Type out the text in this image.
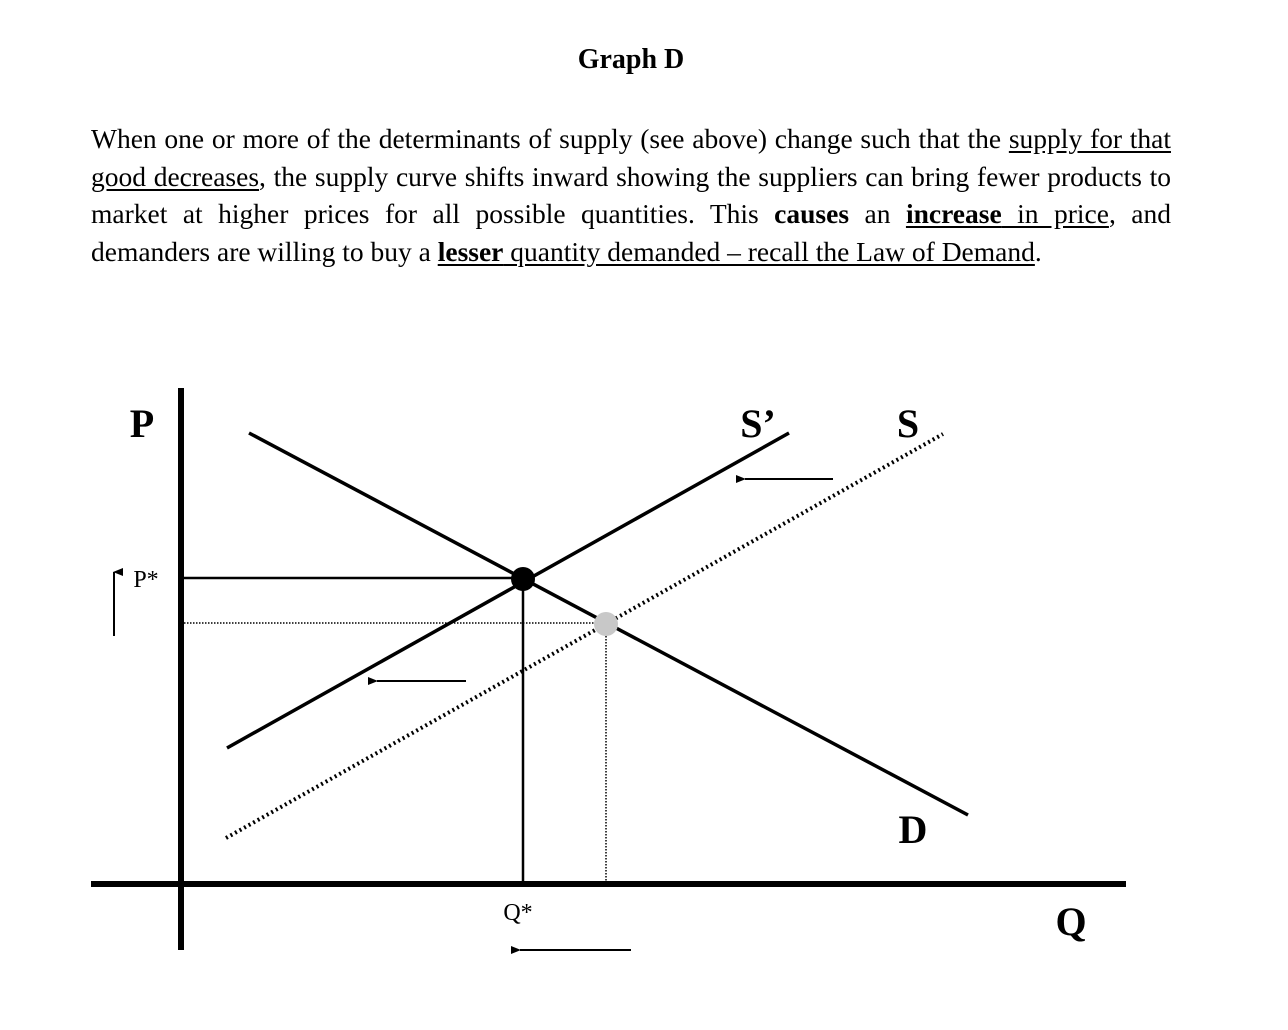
Graph D

When one or more of the determinants of supply (see above) change such that the supply for that good decreases, the supply curve shifts inward showing the suppliers can bring fewer products to market at higher prices for all possible quantities. This causes an increase in price, and demanders are willing to buy a lesser quantity demanded – recall the Law of Demand.

P
Q
P*
Q*
S’	S
D
